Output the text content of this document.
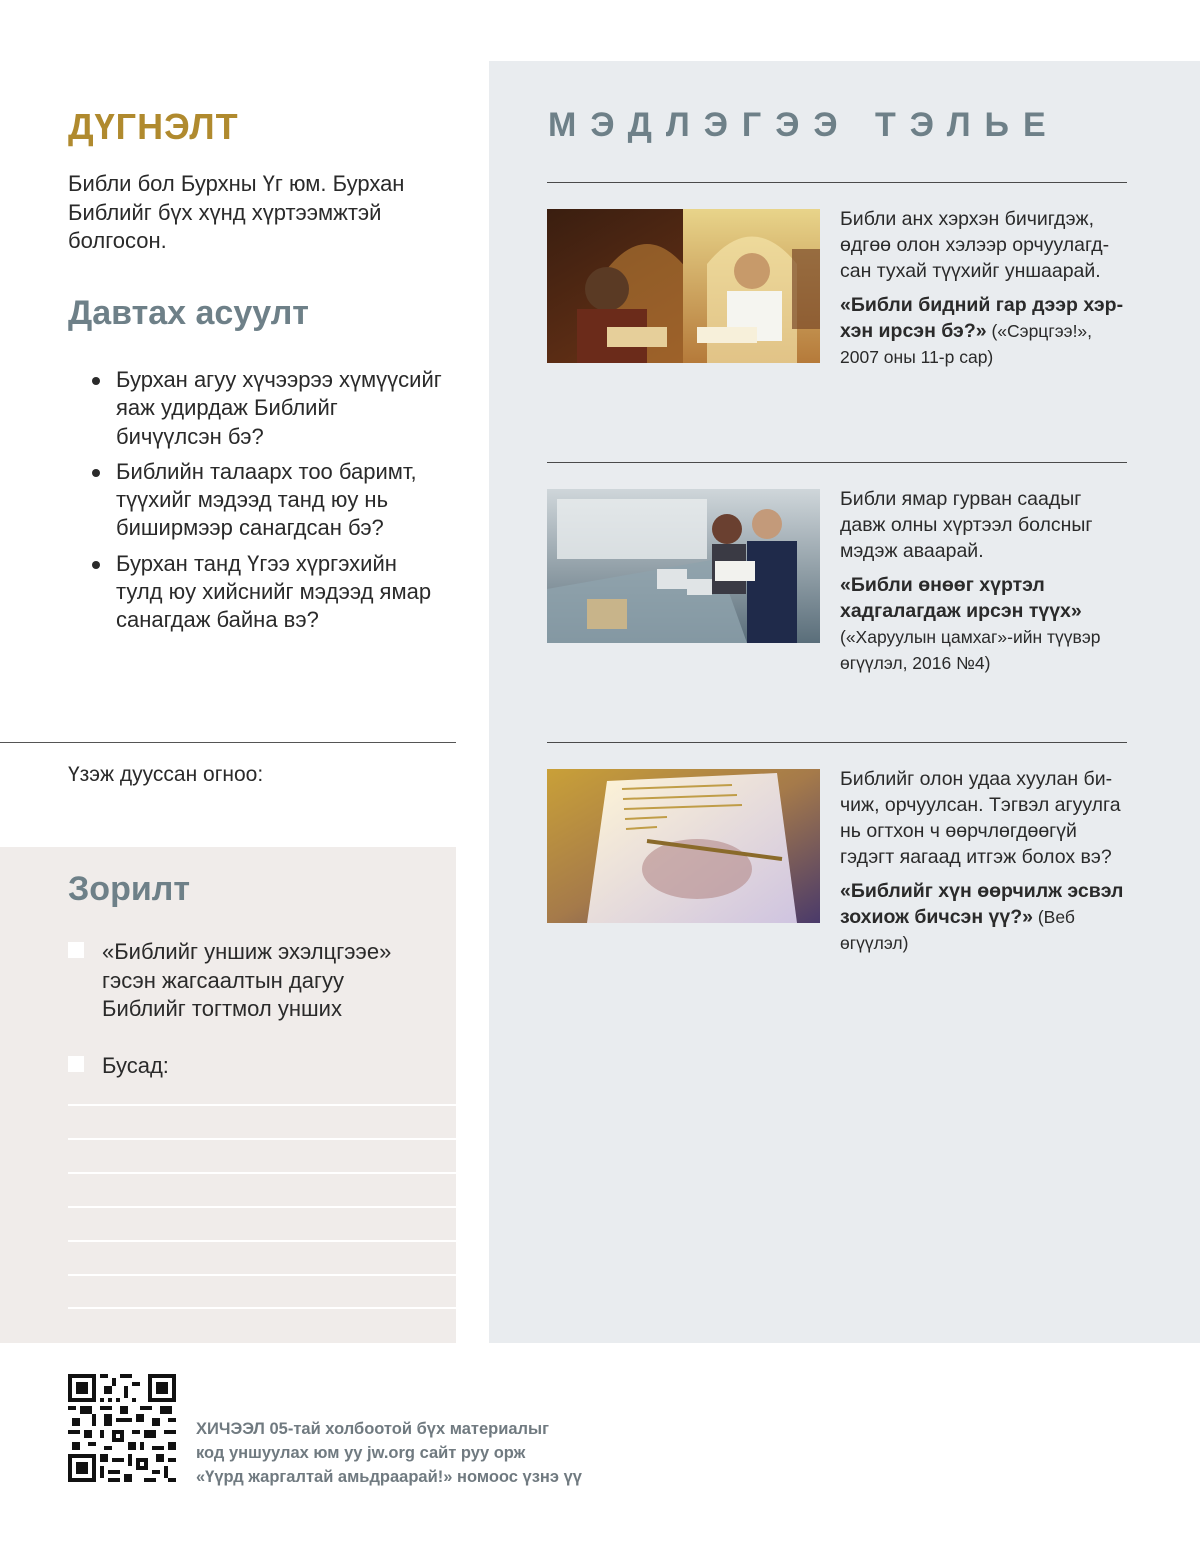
ДҮГНЭЛТ

Библи бол Бурхны Үг юм. Бурхан Библийг бүх хүнд хүртээмжтэй болгосон.

Давтах асуулт
Бурхан агуу хүчээрээ хүмүүсийг яаж удирдаж Библийг бичүүлсэн бэ?
Библийн талаарх тоо баримт, түүхийг мэдээд танд юу нь биширмээр санагдсан бэ?
Бурхан танд Үгээ хүргэхийн тулд юу хийснийг мэдээд ямар санагдаж байна вэ?
Үзэж дууссан огноо:
Зорилт
«Библийг уншиж эхэлцгээе» гэсэн жагсаалтын дагуу Библийг тогтмол унших
Бусад:
МЭДЛЭГЭЭ ТЭЛЬЕ

Библи анх хэрхэн бичигдэж, өдгөө олон хэлээр орчуулагдсан тухай түүхийг уншаарай.

«Библи бидний гар дээр хэрхэн ирсэн бэ?» («Сэрцгээ!», 2007 оны 11-р сар)

Библи ямар гурван саадыг давж олны хүртээл болсныг мэдэж аваарай.

«Библи өнөөг хүртэл хадгалагдаж ирсэн түүх» («Харуулын цамхаг»-ийн түүвэр өгүүлэл, 2016 №4)

Библийг олон удаа хуулан бичиж, орчуулсан. Тэгвэл агуулга нь огтхон ч өөрчлөгдөөгүй гэдэгт яагаад итгэж болох вэ?

«Библийг хүн өөрчилж эсвэл зохиож бичсэн үү?» (Веб өгүүлэл)

ХИЧЭЭЛ 05-тай холбоотой бүх материалыг
код уншуулах юм уу jw.org сайт руу орж
«Үүрд жаргалтай амьдраарай!» номоос үзнэ үү
